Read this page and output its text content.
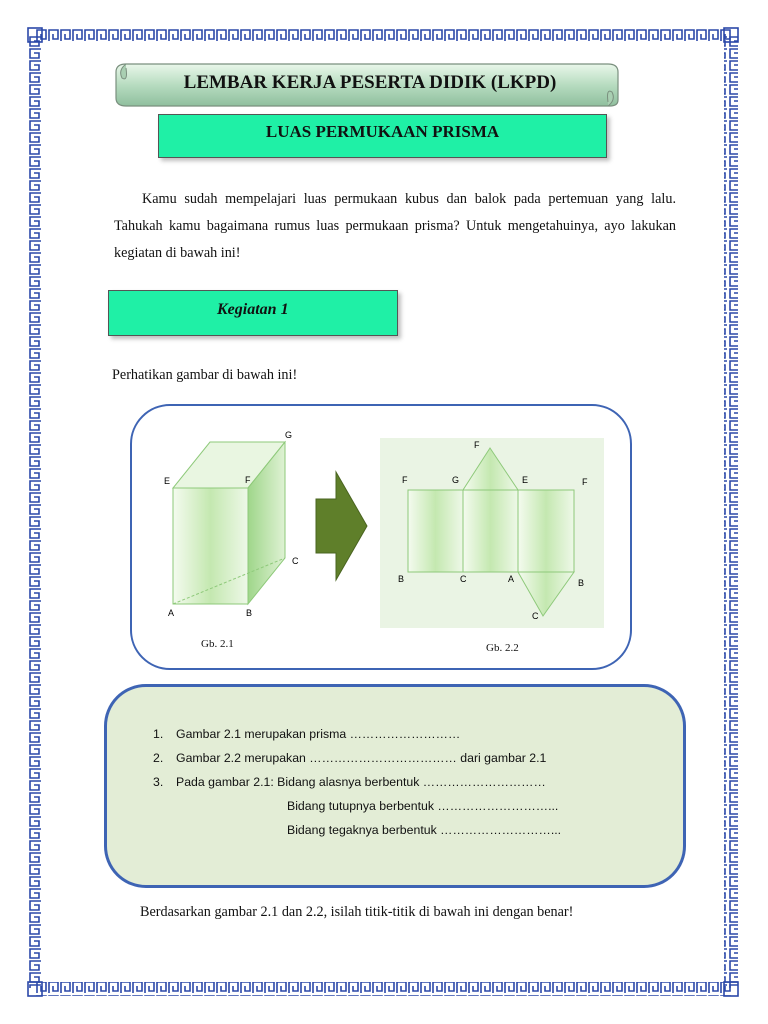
LEMBAR KERJA PESERTA DIDIK (LKPD)
LUAS PERMUKAAN PRISMA

Kamu sudah mempelajari luas permukaan kubus dan balok pada pertemuan yang lalu. Tahukah kamu bagaimana rumus luas permukaan prisma? Untuk mengetahuinya, ayo lakukan kegiatan di bawah ini!

Kegiatan 1
Perhatikan gambar di bawah ini!
G
E	F
C
A	B
F	G	E	F
F
B	C	A	B
C
Gb. 2.1	Gb. 2.2
1. Gambar 2.1 merupakan prisma ………………………
2. Gambar 2.2 merupakan ……………………………… dari gambar 2.1
3. Pada gambar 2.1: Bidang alasnya berbentuk …………………………
Bidang tutupnya berbentuk ………………………...
Bidang tegaknya berbentuk ………………………...
Berdasarkan gambar 2.1 dan 2.2, isilah titik-titik di bawah ini dengan benar!
